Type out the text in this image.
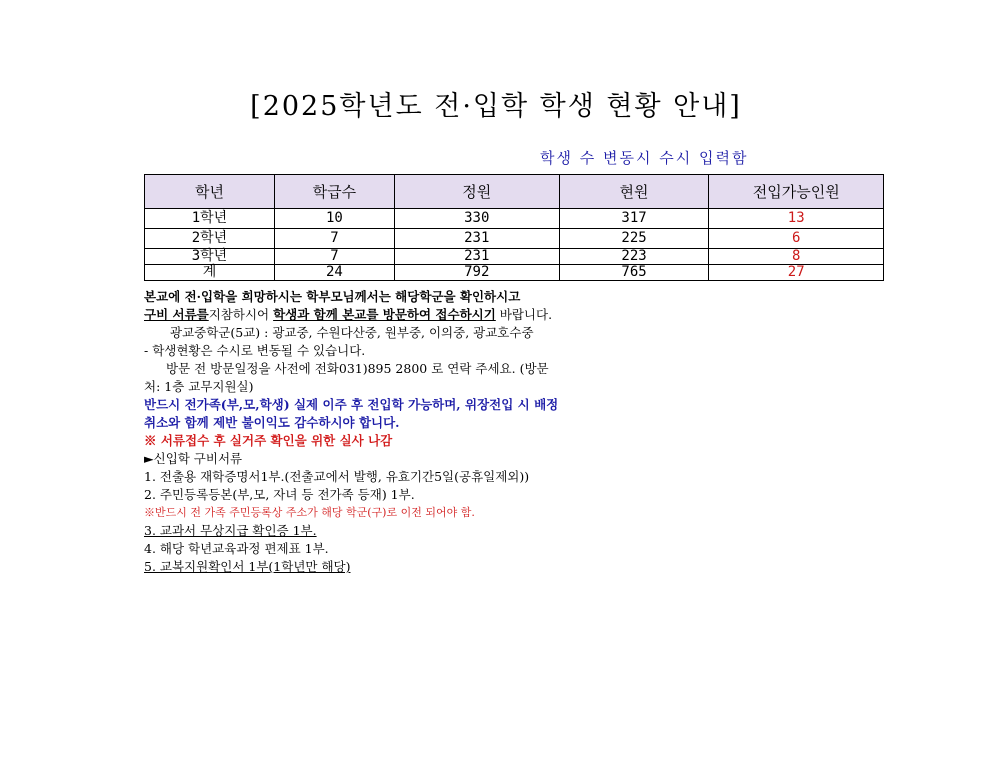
[2025학년도 전·입학 학생 현황 안내]
학생 수 변동시 수시 입력함
학년	학급수	정원	현원	전입가능인원
1학년	10	330	317	13
2학년	7	231	225	6
3학년	7	231	223	8
계	24	792	765	27
본교에 전·입학을 희망하시는 학부모님께서는 해당학군을 확인하시고
구비 서류를지참하시어 학생과 함께 본교를 방문하여 접수하시기 바랍니다.
광교중학군(5교) : 광교중, 수원다산중, 원부중, 이의중, 광교호수중
- 학생현황은 수시로 변동될 수 있습니다.
방문 전 방문일정을 사전에 전화031)895 2800 로 연락 주세요. (방문
처: 1층 교무지원실)
반드시 전가족(부,모,학생) 실제 이주 후 전입학 가능하며, 위장전입 시 배정
취소와 함께 제반 불이익도 감수하시야 합니다.
※ 서류접수 후 실거주 확인을 위한 실사 나감
►신입학 구비서류
1. 전출용 재학증명서1부.(전출교에서 발행, 유효기간5일(공휴일제외))
2. 주민등록등본(부,모, 자녀 등 전가족 등재) 1부.
※반드시 전 가족 주민등록상 주소가 해당 학군(구)로 이전 되어야 함.
3. 교과서 무상지급 확인증 1부.
4. 해당 학년교육과정 편제표 1부.
5. 교복지원확인서 1부(1학년만 해당)
